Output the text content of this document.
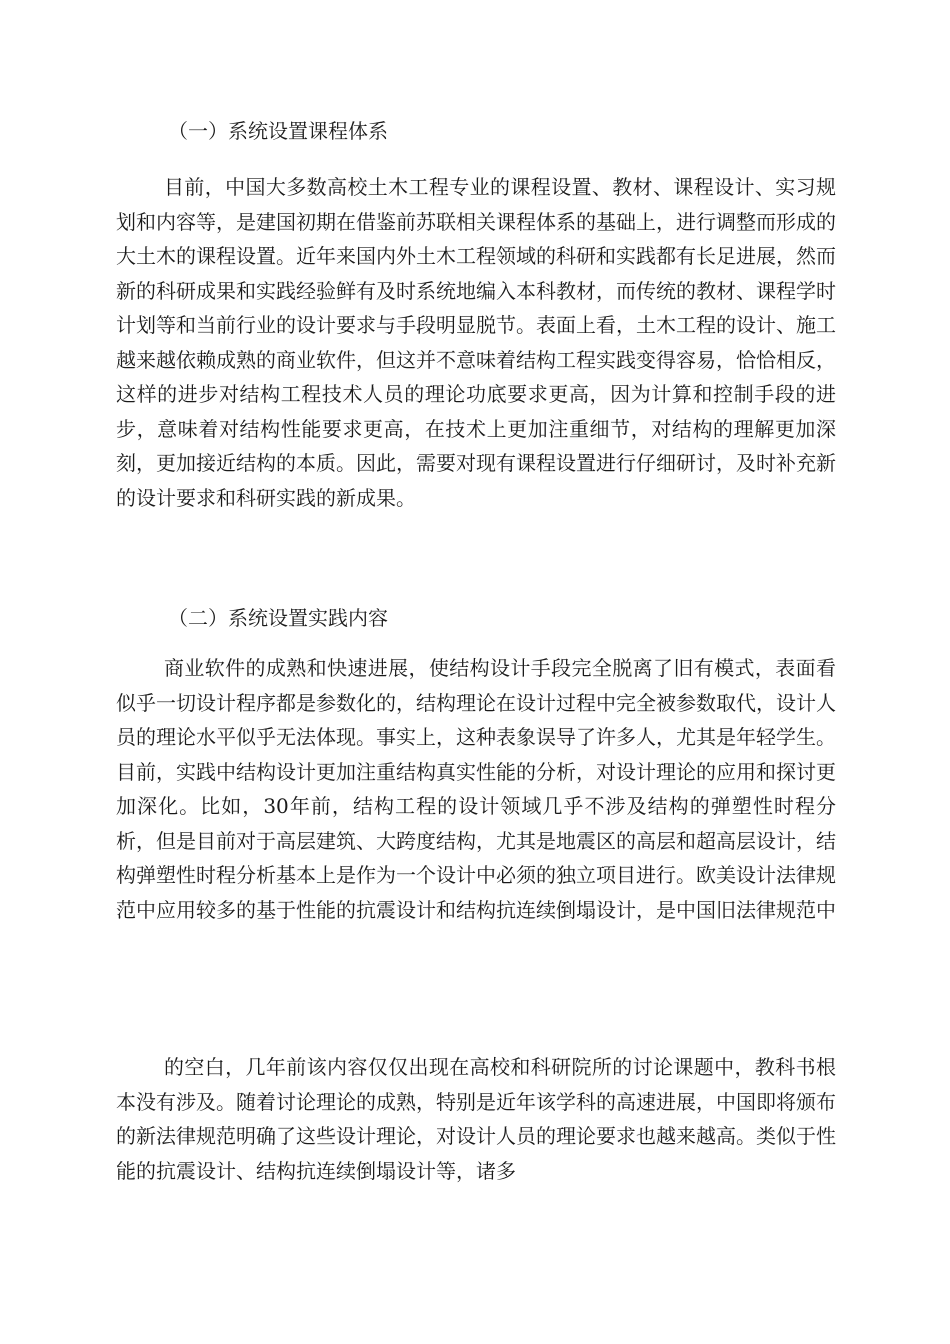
（一）系统设置课程体系

目前，中国大多数高校土木工程专业的课程设置、教材、课程设计、实习规划和内容等，是建国初期在借鉴前苏联相关课程体系的基础上，进行调整而形成的大土木的课程设置。近年来国内外土木工程领域的科研和实践都有长足进展，然而新的科研成果和实践经验鲜有及时系统地编入本科教材，而传统的教材、课程学时计划等和当前行业的设计要求与手段明显脱节。表面上看，土木工程的设计、施工越来越依赖成熟的商业软件，但这并不意味着结构工程实践变得容易，恰恰相反，这样的进步对结构工程技术人员的理论功底要求更高，因为计算和控制手段的进步，意味着对结构性能要求更高，在技术上更加注重细节，对结构的理解更加深刻，更加接近结构的本质。因此，需要对现有课程设置进行仔细研讨，及时补充新的设计要求和科研实践的新成果。

（二）系统设置实践内容

商业软件的成熟和快速进展，使结构设计手段完全脱离了旧有模式，表面看似乎一切设计程序都是参数化的，结构理论在设计过程中完全被参数取代，设计人员的理论水平似乎无法体现。事实上，这种表象误导了许多人，尤其是年轻学生。目前，实践中结构设计更加注重结构真实性能的分析，对设计理论的应用和探讨更加深化。比如，30年前，结构工程的设计领域几乎不涉及结构的弹塑性时程分析，但是目前对于高层建筑、大跨度结构，尤其是地震区的高层和超高层设计，结构弹塑性时程分析基本上是作为一个设计中必须的独立项目进行。欧美设计法律规范中应用较多的基于性能的抗震设计和结构抗连续倒塌设计，是中国旧法律规范中

的空白，几年前该内容仅仅出现在高校和科研院所的讨论课题中，教科书根本没有涉及。随着讨论理论的成熟，特别是近年该学科的高速进展，中国即将颁布的新法律规范明确了这些设计理论，对设计人员的理论要求也越来越高。类似于性能的抗震设计、结构抗连续倒塌设计等，诸多
